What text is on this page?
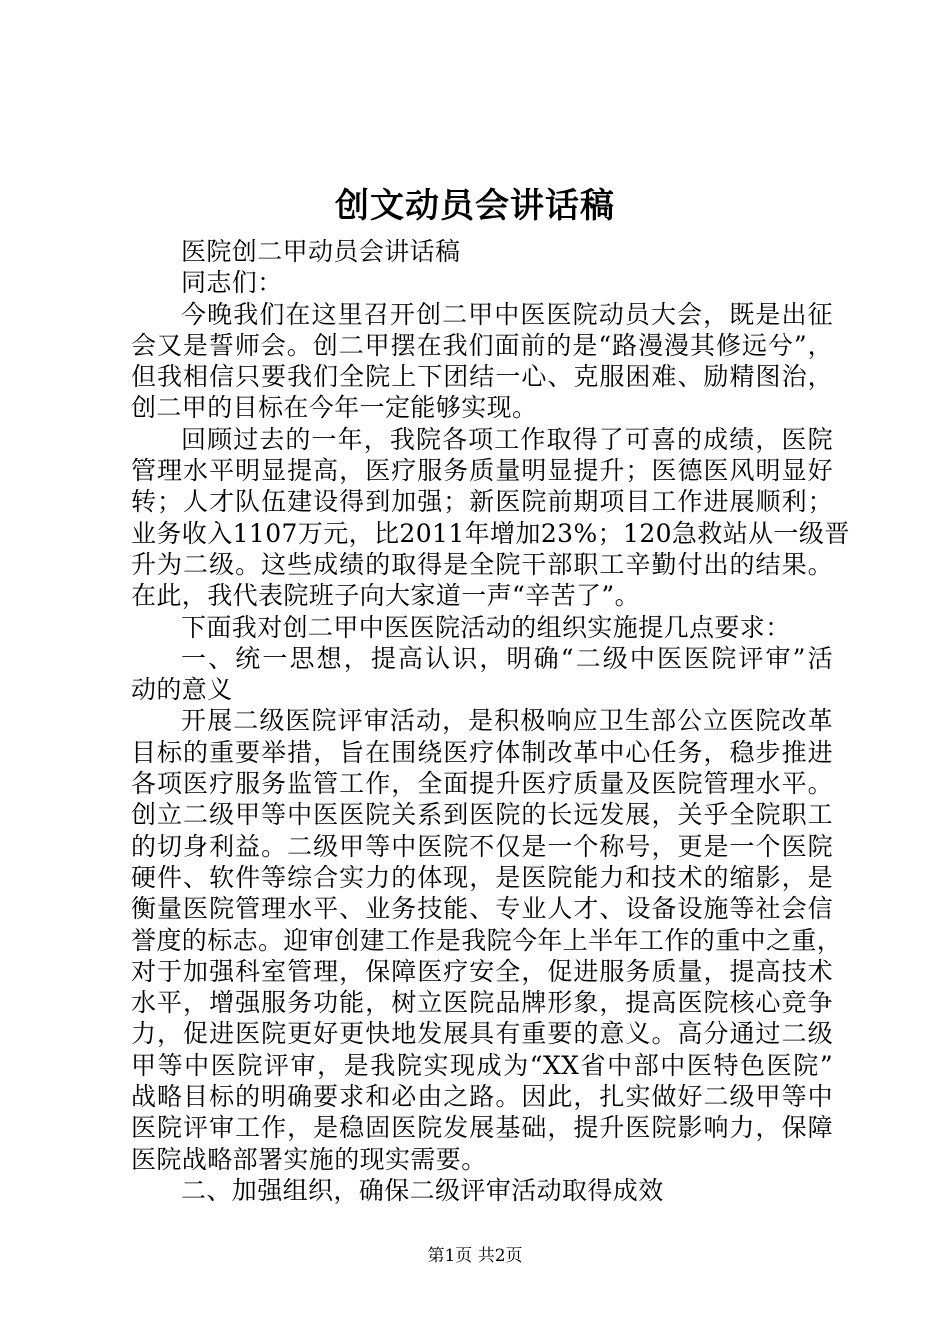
创文动员会讲话稿
医院创二甲动员会讲话稿
同志们：
今晚我们在这里召开创二甲中医医院动员大会，既是出征
会又是誓师会。创二甲摆在我们面前的是“路漫漫其修远兮”，
但我相信只要我们全院上下团结一心、克服困难、励精图治，
创二甲的目标在今年一定能够实现。
回顾过去的一年，我院各项工作取得了可喜的成绩，医院
管理水平明显提高，医疗服务质量明显提升；医德医风明显好
转；人才队伍建设得到加强；新医院前期项目工作进展顺利；
业务收入1107万元，比2011年增加23%；120急救站从一级晋
升为二级。这些成绩的取得是全院干部职工辛勤付出的结果。
在此，我代表院班子向大家道一声“辛苦了”。
下面我对创二甲中医医院活动的组织实施提几点要求：
一、统一思想，提高认识，明确“二级中医医院评审”活
动的意义
开展二级医院评审活动，是积极响应卫生部公立医院改革
目标的重要举措，旨在围绕医疗体制改革中心任务，稳步推进
各项医疗服务监管工作，全面提升医疗质量及医院管理水平。
创立二级甲等中医医院关系到医院的长远发展，关乎全院职工
的切身利益。二级甲等中医院不仅是一个称号，更是一个医院
硬件、软件等综合实力的体现，是医院能力和技术的缩影，是
衡量医院管理水平、业务技能、专业人才、设备设施等社会信
誉度的标志。迎审创建工作是我院今年上半年工作的重中之重，
对于加强科室管理，保障医疗安全，促进服务质量，提高技术
水平，增强服务功能，树立医院品牌形象，提高医院核心竞争
力，促进医院更好更快地发展具有重要的意义。高分通过二级
甲等中医院评审，是我院实现成为“XX省中部中医特色医院”
战略目标的明确要求和必由之路。因此，扎实做好二级甲等中
医院评审工作，是稳固医院发展基础，提升医院影响力，保障
医院战略部署实施的现实需要。
二、加强组织，确保二级评审活动取得成效
第1页 共2页
